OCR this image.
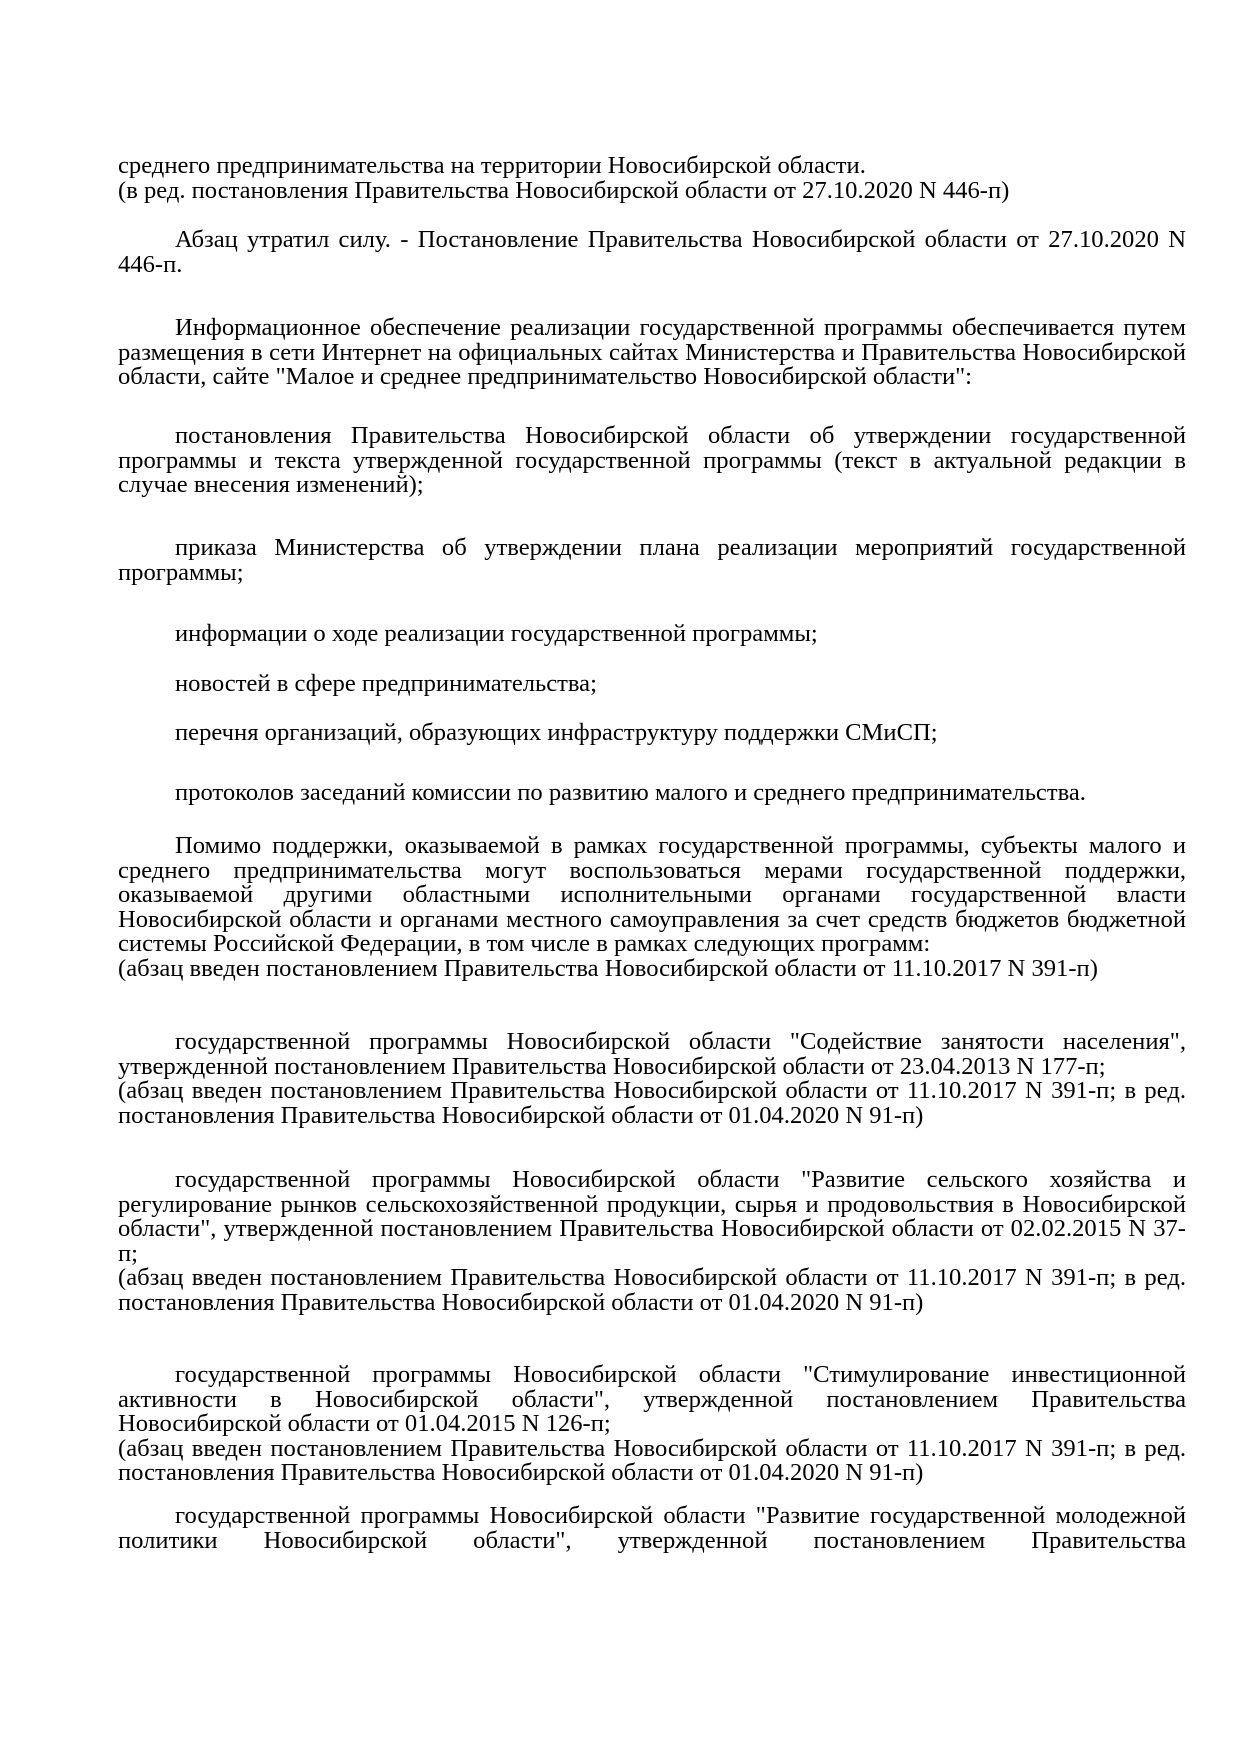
среднего предпринимательства на территории Новосибирской области.
(в ред. постановления Правительства Новосибирской области от 27.10.2020 N 446-п)
Абзац утратил силу. - Постановление Правительства Новосибирской области от 27.10.2020 N 446-п.
Информационное обеспечение реализации государственной программы обеспечивается путем размещения в сети Интернет на официальных сайтах Министерства и Правительства Новосибирской области, сайте "Малое и среднее предпринимательство Новосибирской области":
постановления Правительства Новосибирской области об утверждении государственной программы и текста утвержденной государственной программы (текст в актуальной редакции в случае внесения изменений);
приказа Министерства об утверждении плана реализации мероприятий государственной программы;
информации о ходе реализации государственной программы;
новостей в сфере предпринимательства;
перечня организаций, образующих инфраструктуру поддержки СМиСП;
протоколов заседаний комиссии по развитию малого и среднего предпринимательства.
Помимо поддержки, оказываемой в рамках государственной программы, субъекты малого и среднего предпринимательства могут воспользоваться мерами государственной поддержки, оказываемой другими областными исполнительными органами государственной власти Новосибирской области и органами местного самоуправления за счет средств бюджетов бюджетной системы Российской Федерации, в том числе в рамках следующих программ:
(абзац введен постановлением Правительства Новосибирской области от 11.10.2017 N 391-п)
государственной программы Новосибирской области "Содействие занятости населения", утвержденной постановлением Правительства Новосибирской области от 23.04.2013 N 177-п;
(абзац введен постановлением Правительства Новосибирской области от 11.10.2017 N 391-п; в ред. постановления Правительства Новосибирской области от 01.04.2020 N 91-п)
государственной программы Новосибирской области "Развитие сельского хозяйства и регулирование рынков сельскохозяйственной продукции, сырья и продовольствия в Новосибирской области", утвержденной постановлением Правительства Новосибирской области от 02.02.2015 N 37-п;
(абзац введен постановлением Правительства Новосибирской области от 11.10.2017 N 391-п; в ред. постановления Правительства Новосибирской области от 01.04.2020 N 91-п)
государственной программы Новосибирской области "Стимулирование инвестиционной активности в Новосибирской области", утвержденной постановлением Правительства Новосибирской области от 01.04.2015 N 126-п;
(абзац введен постановлением Правительства Новосибирской области от 11.10.2017 N 391-п; в ред. постановления Правительства Новосибирской области от 01.04.2020 N 91-п)
государственной программы Новосибирской области "Развитие государственной молодежной политики Новосибирской области", утвержденной постановлением Правительства
